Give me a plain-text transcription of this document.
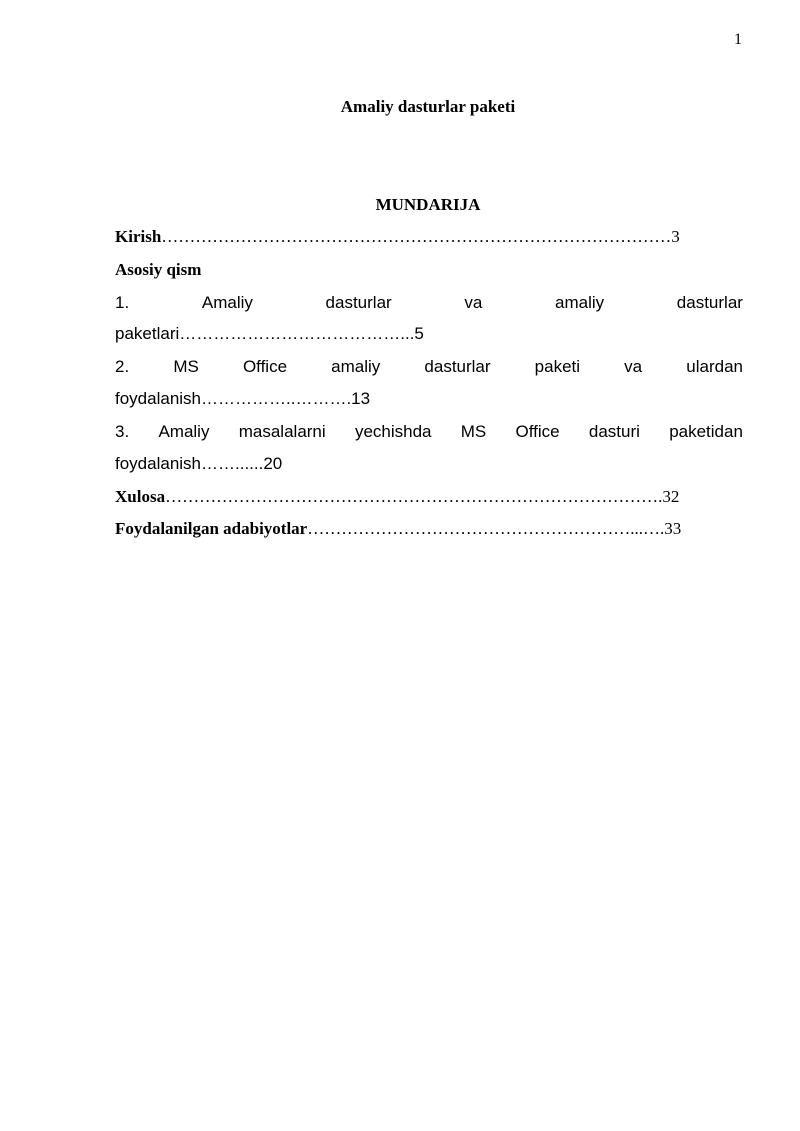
1
Amaliy dasturlar paketi
MUNDARIJA
Kirish………………………………………………………………………………3
Asosiy qism
1.	Amaliy	dasturlar	va	amaliy	dasturlar
paketlari…………………………………...5
2.	MS	Office	amaliy	dasturlar	paketi	va	ulardan
foydalanish……………..……….13
3. Amaliy masalalarni yechishda MS Office dasturi paketidan
foydalanish……......20
Xulosa…………………………………………………………………………….32
Foydalanilgan adabiyotlar…………………………………………………...….33
